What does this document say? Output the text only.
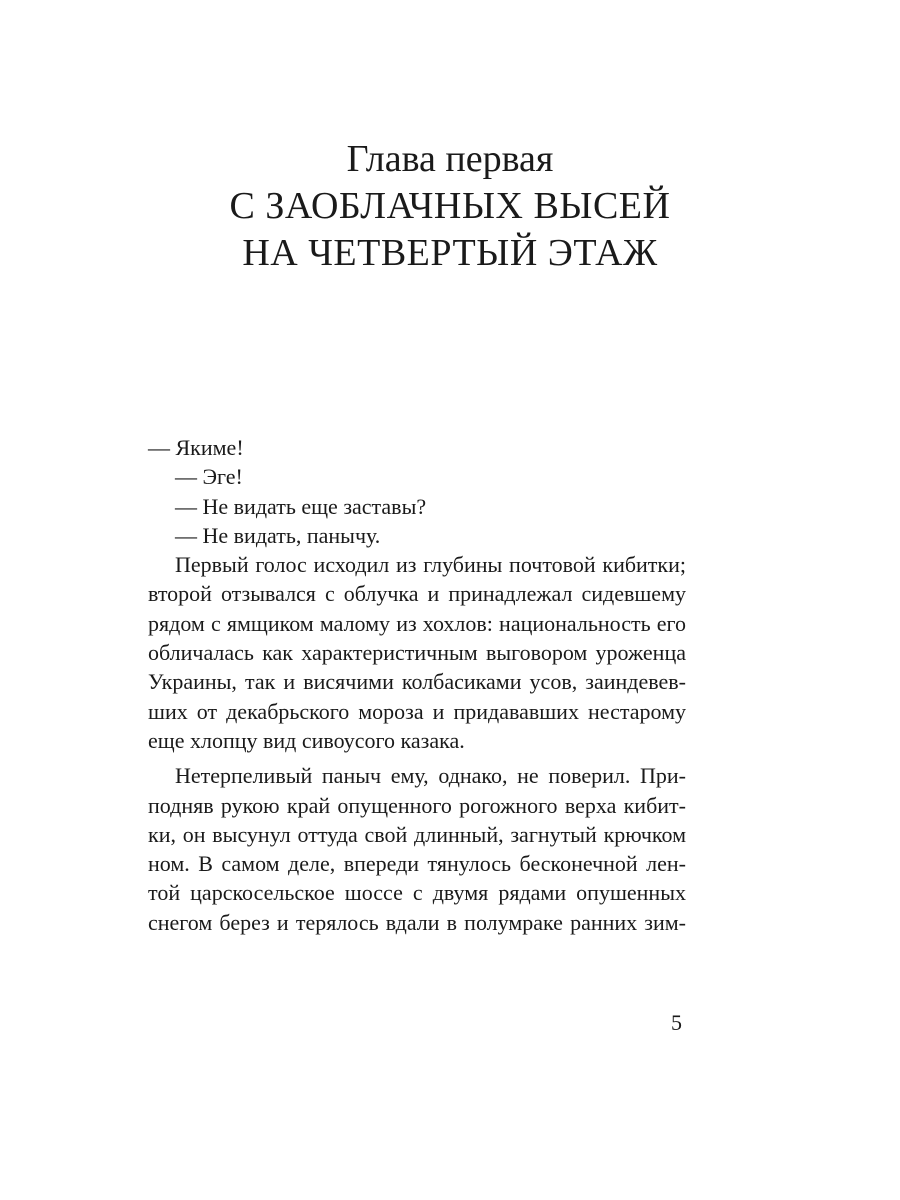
Глава первая
С ЗАОБЛАЧНЫХ ВЫСЕЙ
НА ЧЕТВЕРТЫЙ ЭТАЖ
— Якиме!
— Эге!
— Не видать еще заставы?
— Не видать, панычу.

Первый голос исходил из глубины почтовой кибитки;
второй отзывался с облучка и принадлежал сидевшему
рядом с ямщиком малому из хохлов: национальность его
обличалась как характеристичным выговором уроженца
Украины, так и висячими колбасиками усов, заиндевев-
ших от декабрьского мороза и придававших нестарому
еще хлопцу вид сивоусого казака.

Нетерпеливый паныч ему, однако, не поверил. При-
подняв рукою край опущенного рогожного верха кибит-
ки, он высунул оттуда свой длинный, загнутый крючком
ном. В самом деле, впереди тянулось бесконечной лен-
той царскосельское шоссе с двумя рядами опушенных
снегом берез и терялось вдали в полумраке ранних зим-

5
